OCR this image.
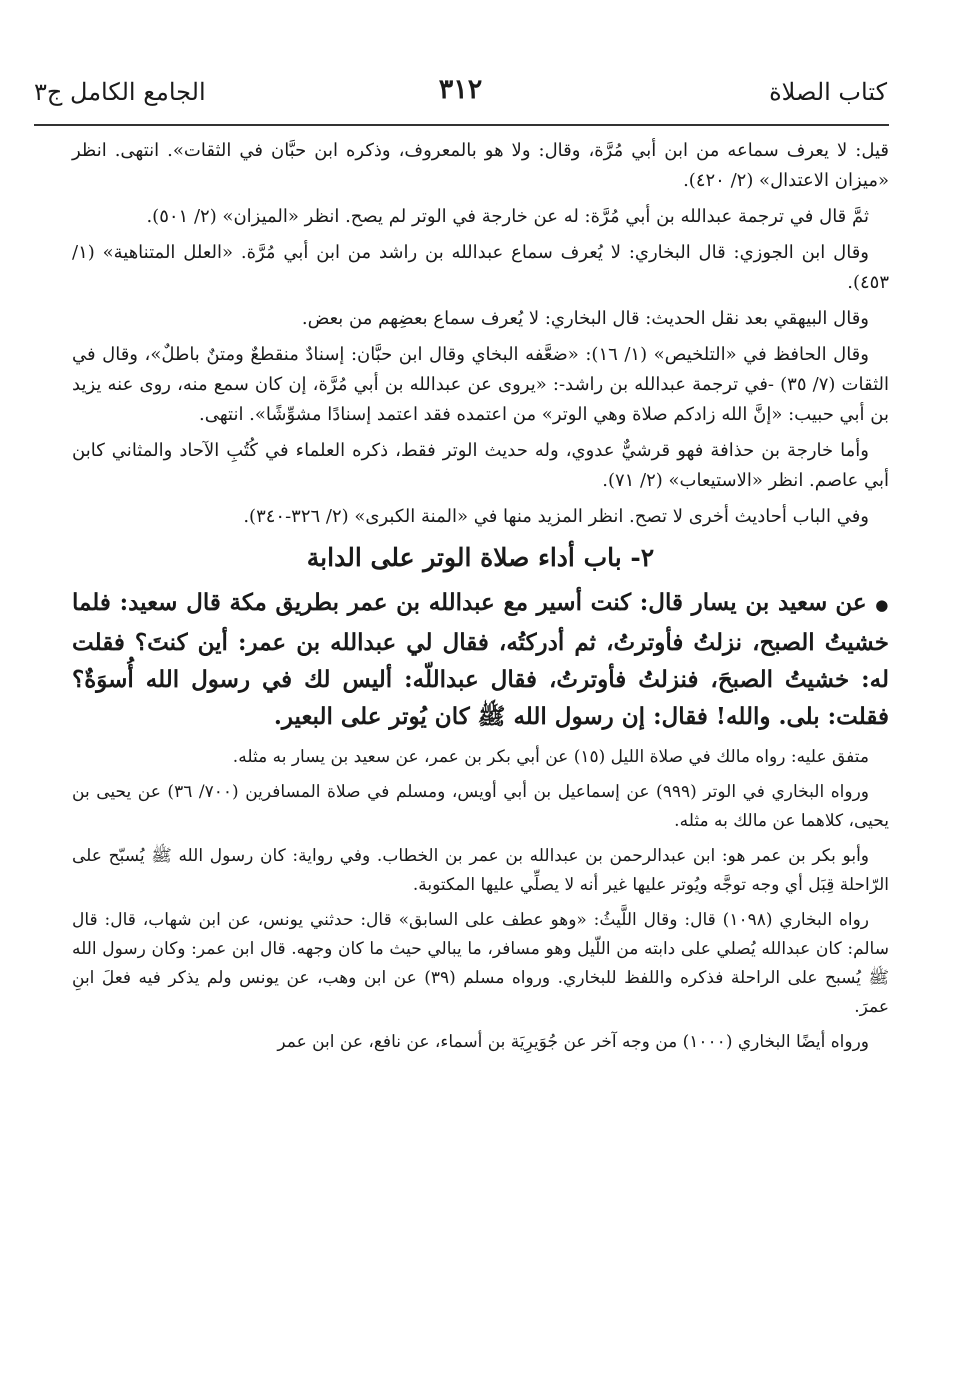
كتاب الصلاة
٣١٢
الجامع الكامل ج٣

قيل: لا يعرف سماعه من ابن أبي مُرَّة، وقال: ولا هو بالمعروف، وذكره ابن حبَّان في الثقات». انتهى. انظر «ميزان الاعتدال» (٢/ ٤٢٠).

ثمَّ قال في ترجمة عبدالله بن أبي مُرَّة: له عن خارجة في الوتر لم يصح. انظر «الميزان» (٢/ ٥٠١).

وقال ابن الجوزي: قال البخاري: لا يُعرف سماع عبدالله بن راشد من ابن أبي مُرَّة. «العلل المتناهية» (١/ ٤٥٣).

وقال البيهقي بعد نقل الحديث: قال البخاري: لا يُعرف سماع بعضِهم من بعض.

وقال الحافظ في «التلخيص» (١/ ١٦): «ضعَّفه البخاي وقال ابن حبَّان: إسنادٌ منقطعٌ ومتنٌ باطلٌ»، وقال في الثقات (٧/ ٣٥) -في ترجمة عبدالله بن راشد-: «يروى عن عبدالله بن أبي مُرَّة، إن كان سمع منه، روى عنه يزيد بن أبي حبيب: «إنَّ الله زادكم صلاة وهي الوتر» من اعتمده فقد اعتمد إسنادًا مشوِّشًا». انتهى.

وأما خارجة بن حذافة فهو قرشيٌّ عدوي، وله حديث الوتر فقط، ذكره العلماء في كُتُبِ الآحاد والمثاني كابن أبي عاصم. انظر «الاستيعاب» (٢/ ٧١).

وفي الباب أحاديث أخرى لا تصح. انظر المزيد منها في «المنة الكبرى» (٢/ ٣٢٦-٣٤٠).

٢- باب أداء صلاة الوتر على الدابة

● عن سعيد بن يسار قال: كنت أسير مع عبدالله بن عمر بطريق مكة قال سعيد: فلما خشيتُ الصبح، نزلتُ فأوترتُ، ثم أدركتُه، فقال لي عبدالله بن عمر: أين كنتَ؟ فقلت له: خشيتُ الصبحَ، فنزلتُ فأوترتُ، فقال عبداللّه: أليس لك في رسول الله أُسوَةٌ؟ فقلت: بلى. والله! فقال: إن رسول الله ﷺ كان يُوتر على البعير.

متفق عليه: رواه مالك في صلاة الليل (١٥) عن أبي بكر بن عمر، عن سعيد بن يسار به مثله.

ورواه البخاري في الوتر (٩٩٩) عن إسماعيل بن أبي أويس، ومسلم في صلاة المسافرين (٧٠٠/ ٣٦) عن يحيى بن يحيى، كلاهما عن مالك به مثله.

وأبو بكر بن عمر هو: ابن عبدالرحمن بن عبدالله بن عمر بن الخطاب. وفي رواية: كان رسول الله ﷺ يُسبّح على الرّاحلة قِبَل أي وجه توجَّه ويُوتر عليها غير أنه لا يصلِّي عليها المكتوبة.

رواه البخاري (١٠٩٨) قال: وقال اللَّيثُ: «وهو عطف على السابق» قال: حدثني يونس، عن ابن شهاب، قال: قال سالم: كان عبدالله يُصلي على دابته من اللّيل وهو مسافر، ما يبالي حيث ما كان وجهه. قال ابن عمر: وكان رسول الله ﷺ يُسبح على الراحلة فذكره واللفظ للبخاري. ورواه مسلم (٣٩) عن ابن وهب، عن يونس ولم يذكر فيه فعلَ ابنِ عمرَ.

ورواه أيضًا البخاري (١٠٠٠) من وجه آخر عن جُوَيرِيَة بن أسماء، عن نافع، عن ابن عمر
